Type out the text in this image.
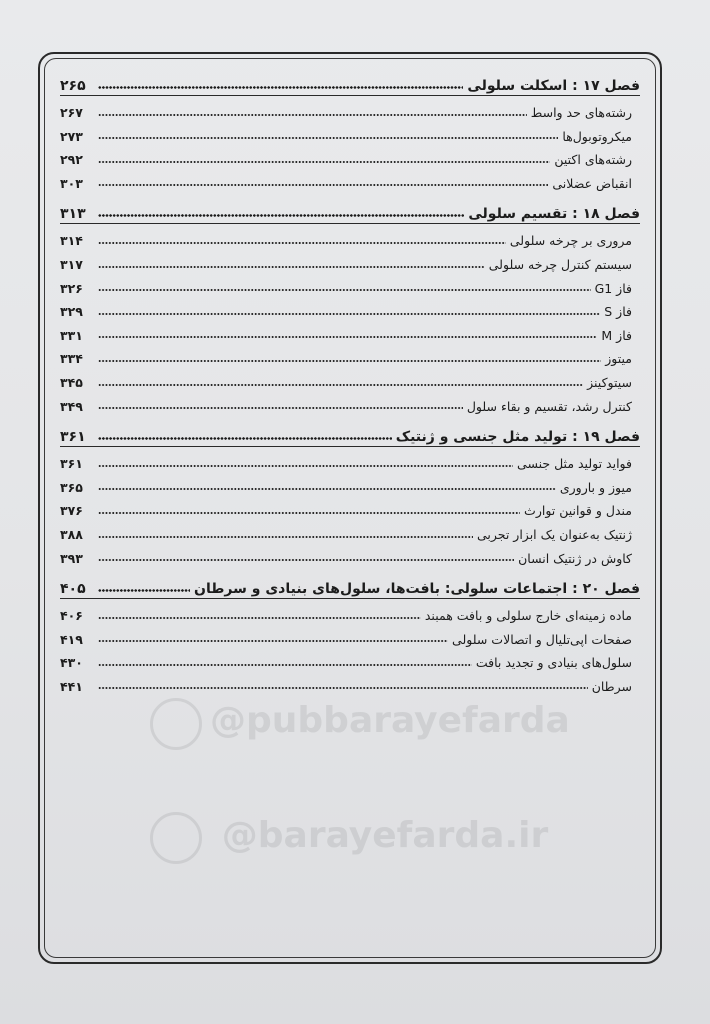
@pubbarayefarda
@barayefarda.ir
فصل ۱۷ : اسکلت سلولی
۲۶۵
رشته‌های حد واسط
۲۶۷
میکروتوبول‌ها
۲۷۳
رشته‌های اکتین
۲۹۲
انقباض عضلانی
۳۰۳
فصل ۱۸ : تقسیم سلولی
۳۱۳
مروری بر چرخه سلولی
۳۱۴
سیستم کنترل چرخه سلولی
۳۱۷
فاز G1
۳۲۶
فاز S
۳۲۹
فاز M
۳۳۱
میتوز
۳۳۴
سیتوکینز
۳۴۵
کنترل رشد، تقسیم و بقاء سلول
۳۴۹
فصل ۱۹ : تولید مثل جنسی و ژنتیک
۳۶۱
فواید تولید مثل جنسی
۳۶۱
میوز و باروری
۳۶۵
مندل و قوانین توارث
۳۷۶
ژنتیک به‌عنوان یک ابزار تجربی
۳۸۸
کاوش در ژنتیک انسان
۳۹۳
فصل ۲۰ : اجتماعات سلولی: بافت‌ها، سلول‌های بنیادی و سرطان
۴۰۵
ماده زمینه‌ای خارج سلولی و بافت همبند
۴۰۶
صفحات اپی‌تلیال و اتصالات سلولی
۴۱۹
سلول‌های بنیادی و تجدید بافت
۴۳۰
سرطان
۴۴۱
